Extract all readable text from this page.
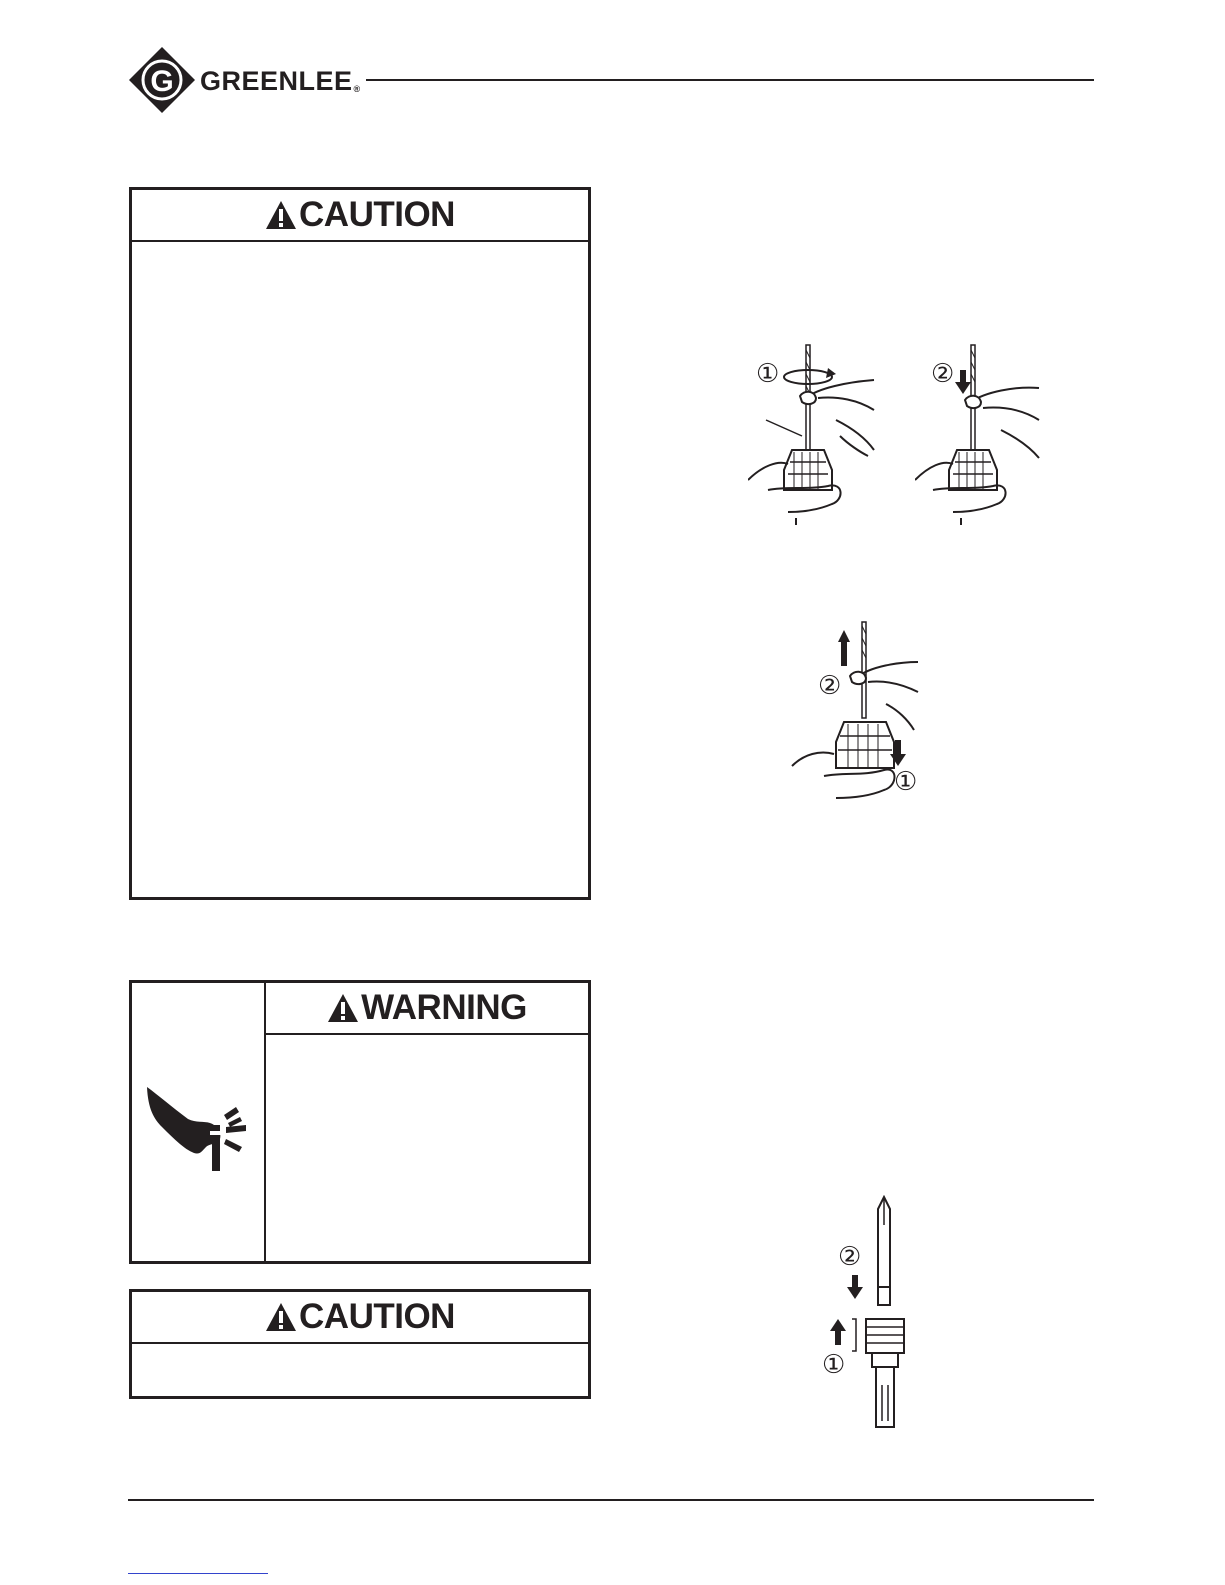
G GREENLEE®
CAUTION
WARNING
CAUTION
①	②
②
①
②
①
